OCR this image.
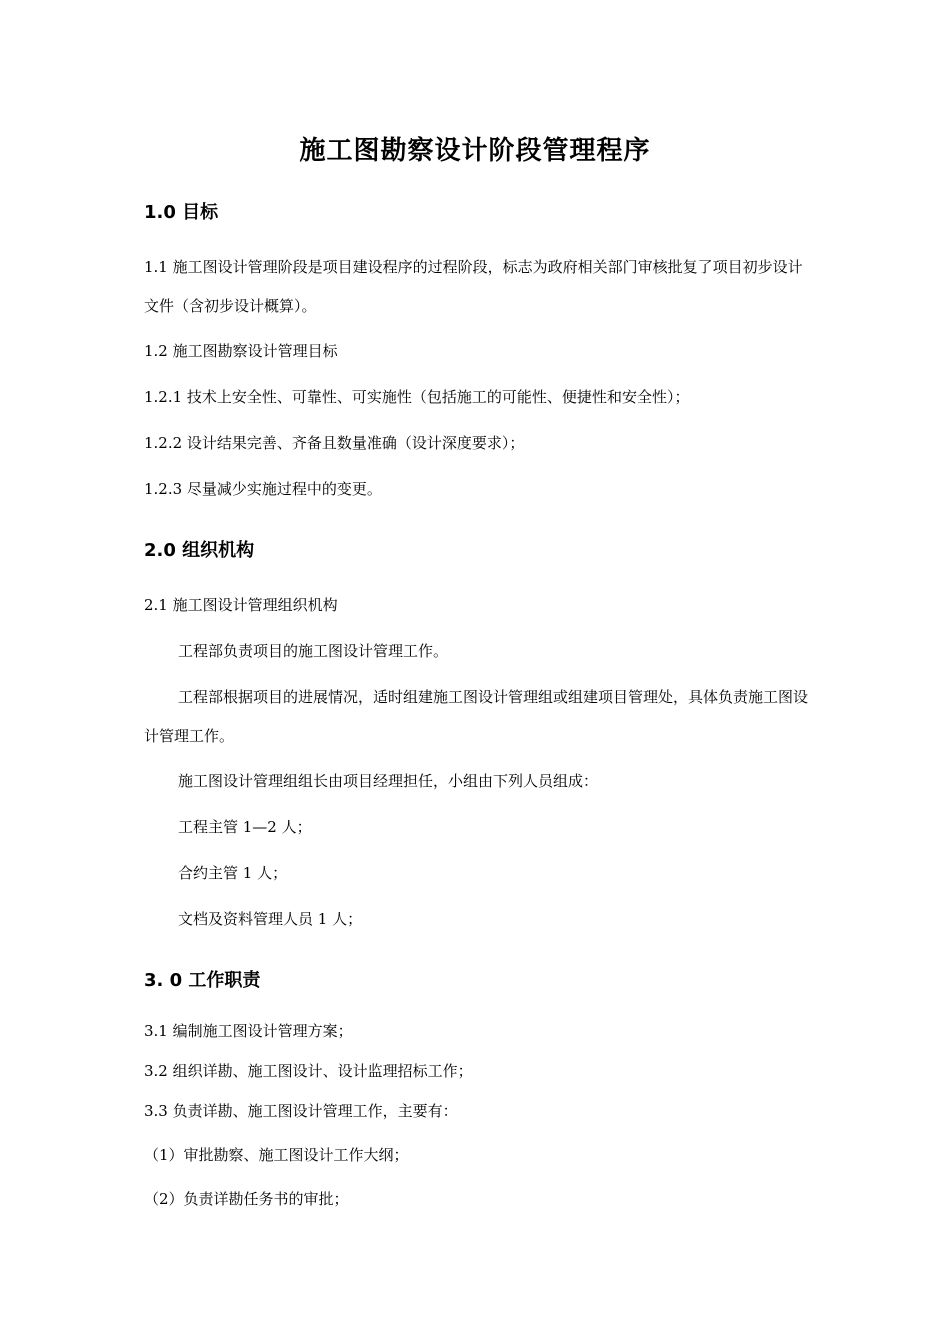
施工图勘察设计阶段管理程序
1.0 目标
1.1 施工图设计管理阶段是项目建设程序的过程阶段，标志为政府相关部门审核批复了项目初步设计文件（含初步设计概算）。
1.2 施工图勘察设计管理目标
1.2.1 技术上安全性、可靠性、可实施性（包括施工的可能性、便捷性和安全性）；
1.2.2 设计结果完善、齐备且数量准确（设计深度要求）；
1.2.3 尽量减少实施过程中的变更。
2.0 组织机构
2.1 施工图设计管理组织机构
工程部负责项目的施工图设计管理工作。
工程部根据项目的进展情况，适时组建施工图设计管理组或组建项目管理处，具体负责施工图设计管理工作。
施工图设计管理组组长由项目经理担任，小组由下列人员组成：
工程主管 1—2 人；
合约主管 1 人；
文档及资料管理人员 1 人；
3. 0 工作职责
3.1 编制施工图设计管理方案；
3.2 组织详勘、施工图设计、设计监理招标工作；
3.3 负责详勘、施工图设计管理工作，主要有：
（1）审批勘察、施工图设计工作大纲；
（2）负责详勘任务书的审批；
